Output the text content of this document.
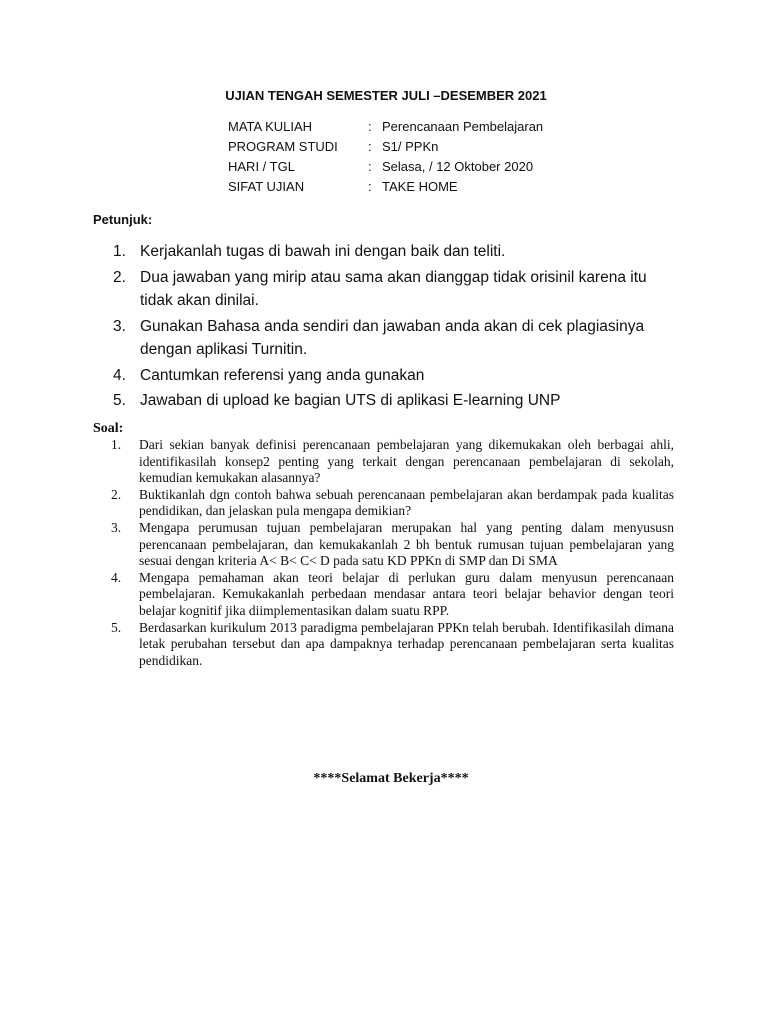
UJIAN TENGAH SEMESTER JULI –DESEMBER 2021
MATA KULIAH	: Perencanaan Pembelajaran
PROGRAM STUDI	: S1/ PPKn
HARI / TGL	: Selasa, / 12 Oktober 2020
SIFAT UJIAN	: TAKE HOME
Petunjuk:
1. Kerjakanlah tugas di bawah ini dengan baik dan teliti.
2. Dua jawaban yang mirip atau sama akan dianggap tidak orisinil karena itu tidak akan dinilai.
3. Gunakan Bahasa anda sendiri dan jawaban anda akan di cek plagiasinya dengan aplikasi Turnitin.
4. Cantumkan referensi yang anda gunakan
5. Jawaban di upload ke bagian UTS di aplikasi E-learning UNP
Soal:
1.	Dari sekian banyak definisi perencanaan pembelajaran yang dikemukakan oleh berbagai ahli, identifikasilah konsep2 penting yang terkait dengan perencanaan pembelajaran di sekolah, kemudian kemukakan alasannya?
2.	Buktikanlah dgn contoh bahwa sebuah perencanaan pembelajaran akan berdampak pada kualitas pendidikan, dan jelaskan pula mengapa demikian?
3.	Mengapa perumusan tujuan pembelajaran merupakan hal yang penting dalam menyususn perencanaan pembelajaran, dan kemukakanlah 2 bh bentuk rumusan tujuan pembelajaran yang sesuai dengan kriteria A< B< C< D pada satu KD PPKn di SMP dan Di SMA
4.	Mengapa pemahaman akan teori belajar di perlukan guru dalam menyusun perencanaan pembelajaran. Kemukakanlah perbedaan mendasar antara teori belajar behavior dengan teori belajar kognitif jika diimplementasikan dalam suatu RPP.
5.	Berdasarkan kurikulum 2013 paradigma pembelajaran PPKn telah berubah. Identifikasilah dimana letak perubahan tersebut dan apa dampaknya terhadap perencanaan pembelajaran serta kualitas pendidikan.
****Selamat Bekerja****
